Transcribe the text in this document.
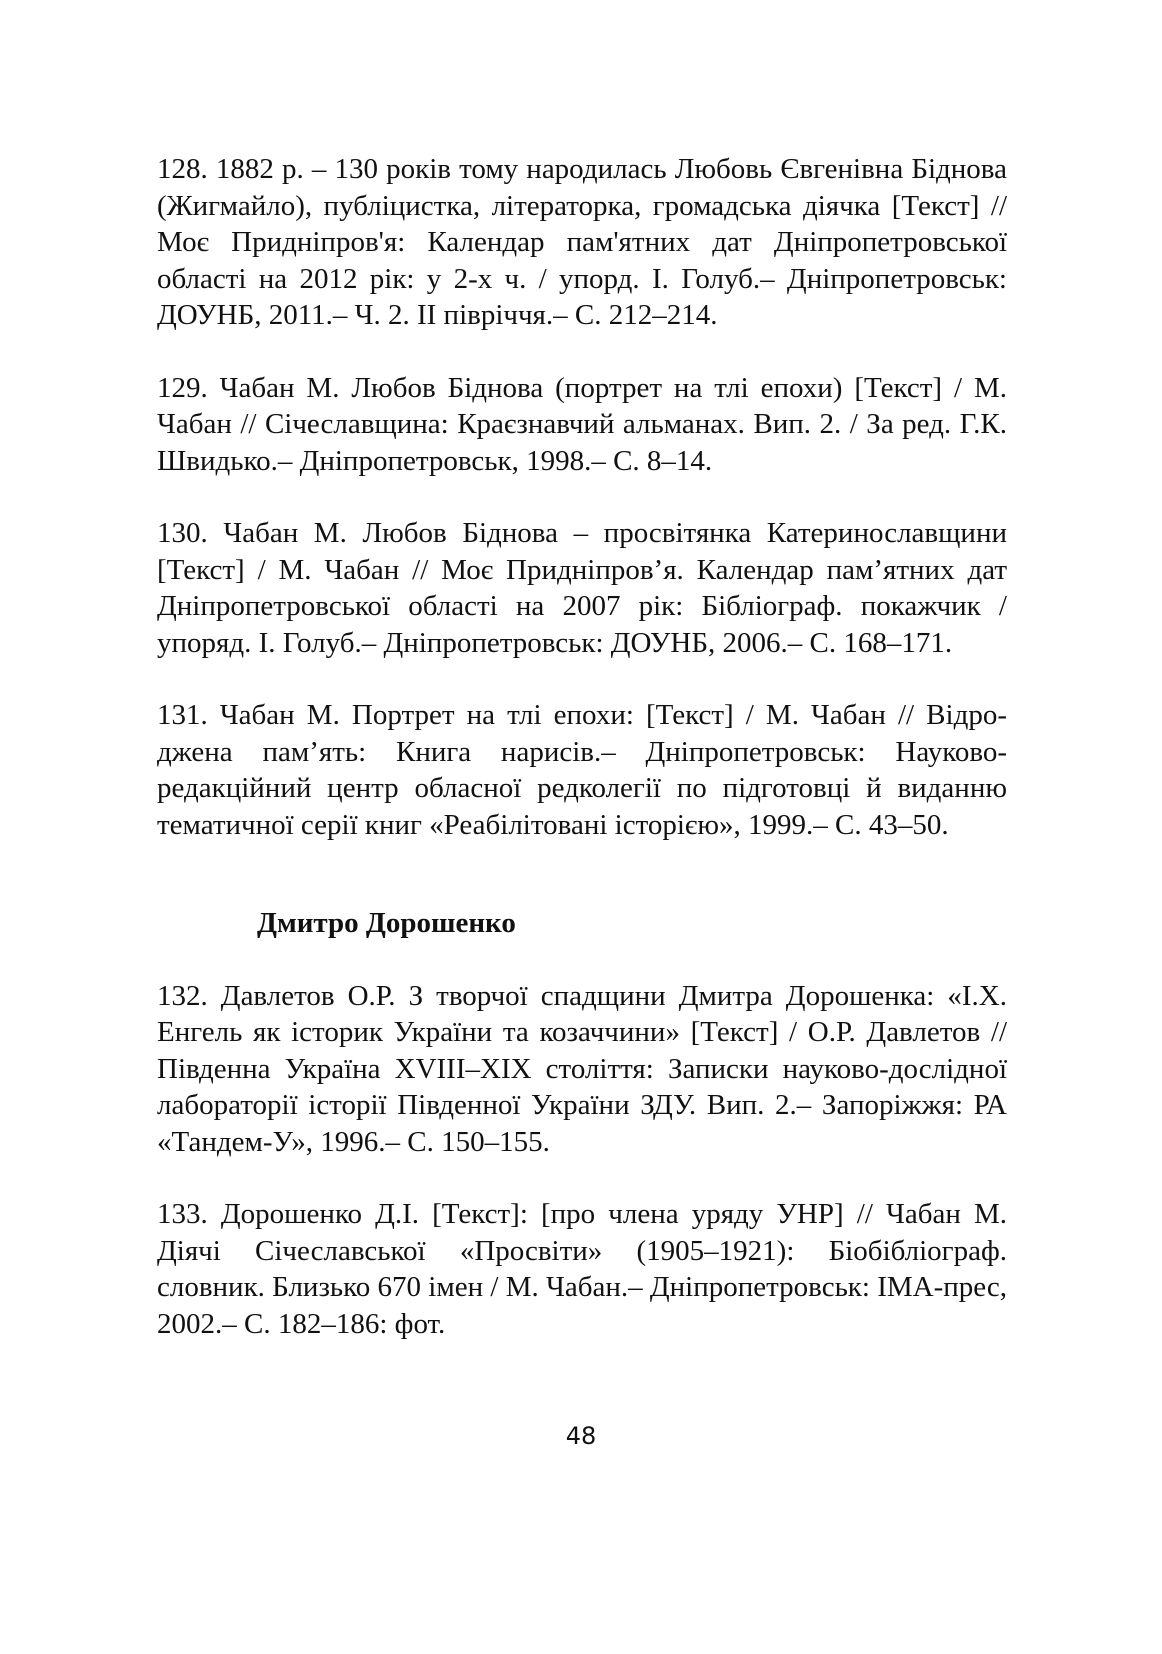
128. 1882 р. – 130 років тому народилась Любовь Євгенівна Біднова (Жигмайло), публіцистка, літераторка, громадська діячка [Текст] // Моє Придніпров'я: Календар пам'ятних дат Дніпропетровської області на 2012 рік: у 2-х ч. / упорд. І. Голуб.– Дніпропетровськ: ДОУНБ, 2011.– Ч. 2. ІІ півріччя.– С. 212–214.

129. Чабан М. Любов Біднова (портрет на тлі епохи) [Текст] / М. Чабан // Січеславщина: Краєзнавчий альманах. Вип. 2. / За ред. Г.К. Швидько.– Дніпропетровськ, 1998.– С. 8–14.

130. Чабан М. Любов Біднова – просвітянка Катеринославщини [Текст] / М. Чабан // Моє Придніпров’я. Календар пам’ятних дат Дніпропетровської області на 2007 рік: Бібліограф. покажчик / упоряд. І. Голуб.– Дніпропетровськ: ДОУНБ, 2006.– С. 168–171.

131. Чабан М. Портрет на тлі епохи: [Текст] / М. Чабан // Відроджена пам’ять: Книга нарисів.– Дніпропетровськ: Науково-редакційний центр обласної редколегії по підготовці й виданню тематичної серії книг «Реабілітовані історією», 1999.– С. 43–50.

Дмитро Дорошенко

132. Давлетов О.Р. З творчої спадщини Дмитра Дорошенка: «І.Х. Енгель як історик України та козаччини» [Текст] / О.Р. Давлетов // Південна Україна XVIII–XIX століття: Записки науково-дослідної лабораторії історії Південної України ЗДУ. Вип. 2.– Запоріжжя: РА «Тандем-У», 1996.– С. 150–155.

133. Дорошенко Д.І. [Текст]: [про члена уряду УНР] // Чабан М. Діячі Січеславської «Просвіти» (1905–1921): Біобібліограф. словник. Близько 670 імен / М. Чабан.– Дніпропетровськ: ІМА-прес, 2002.– С. 182–186: фот.

48
